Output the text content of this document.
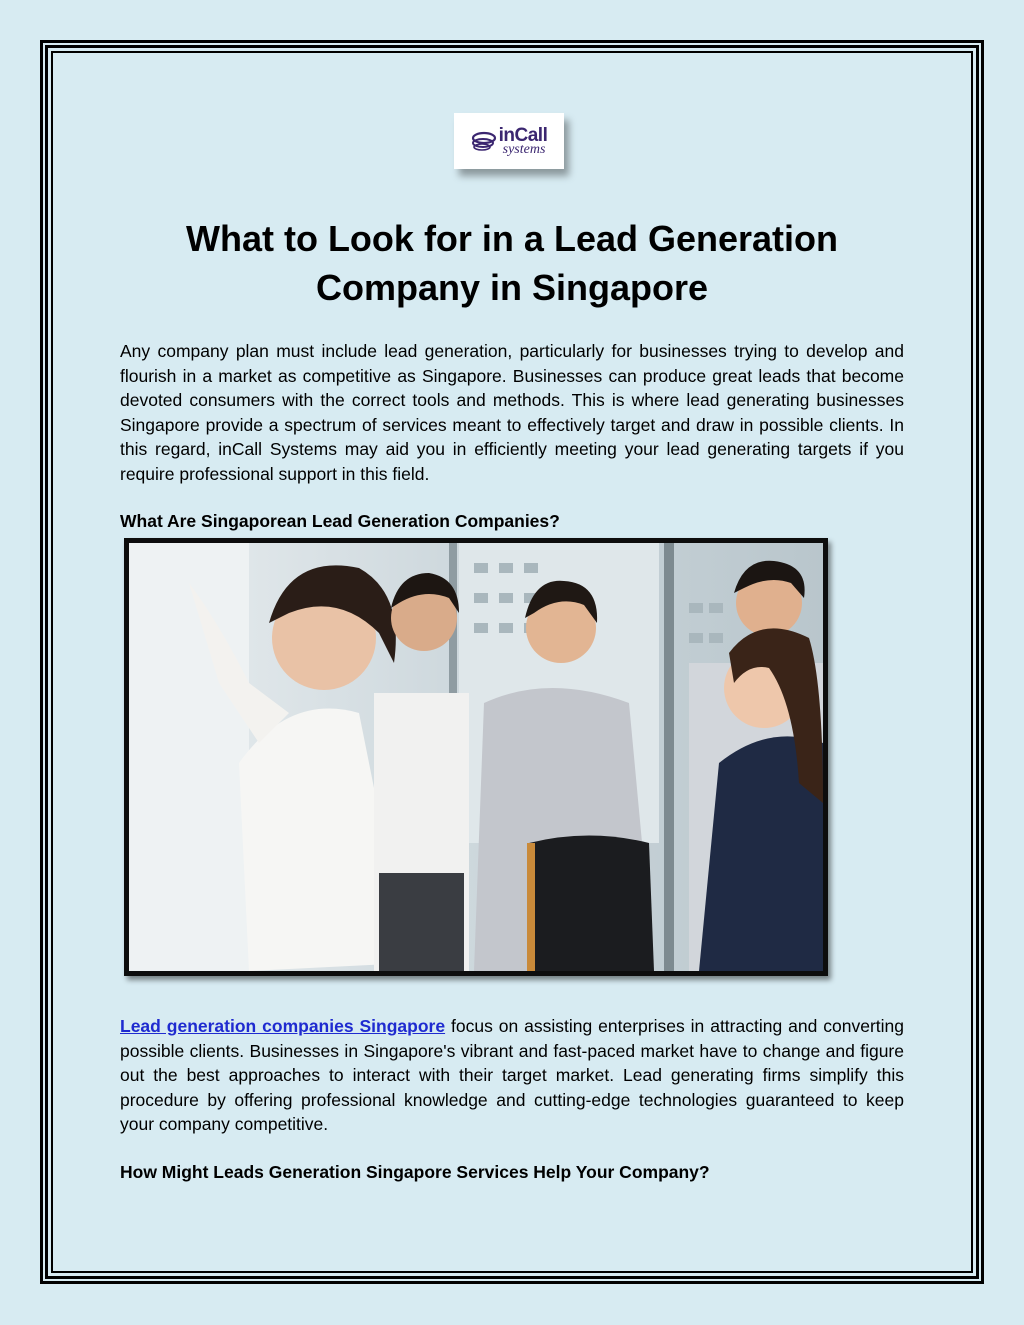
inCall
systems
What to Look for in a Lead Generation Company in Singapore

Any company plan must include lead generation, particularly for businesses trying to develop and flourish in a market as competitive as Singapore. Businesses can produce great leads that become devoted consumers with the correct tools and methods. This is where lead generating businesses Singapore provide a spectrum of services meant to effectively target and draw in possible clients. In this regard, inCall Systems may aid you in efficiently meeting your lead generating targets if you require professional support in this field.

What Are Singaporean Lead Generation Companies?

Lead generation companies Singapore focus on assisting enterprises in attracting and converting possible clients. Businesses in Singapore's vibrant and fast-paced market have to change and figure out the best approaches to interact with their target market. Lead generating firms simplify this procedure by offering professional knowledge and cutting-edge technologies guaranteed to keep your company competitive.

How Might Leads Generation Singapore Services Help Your Company?
